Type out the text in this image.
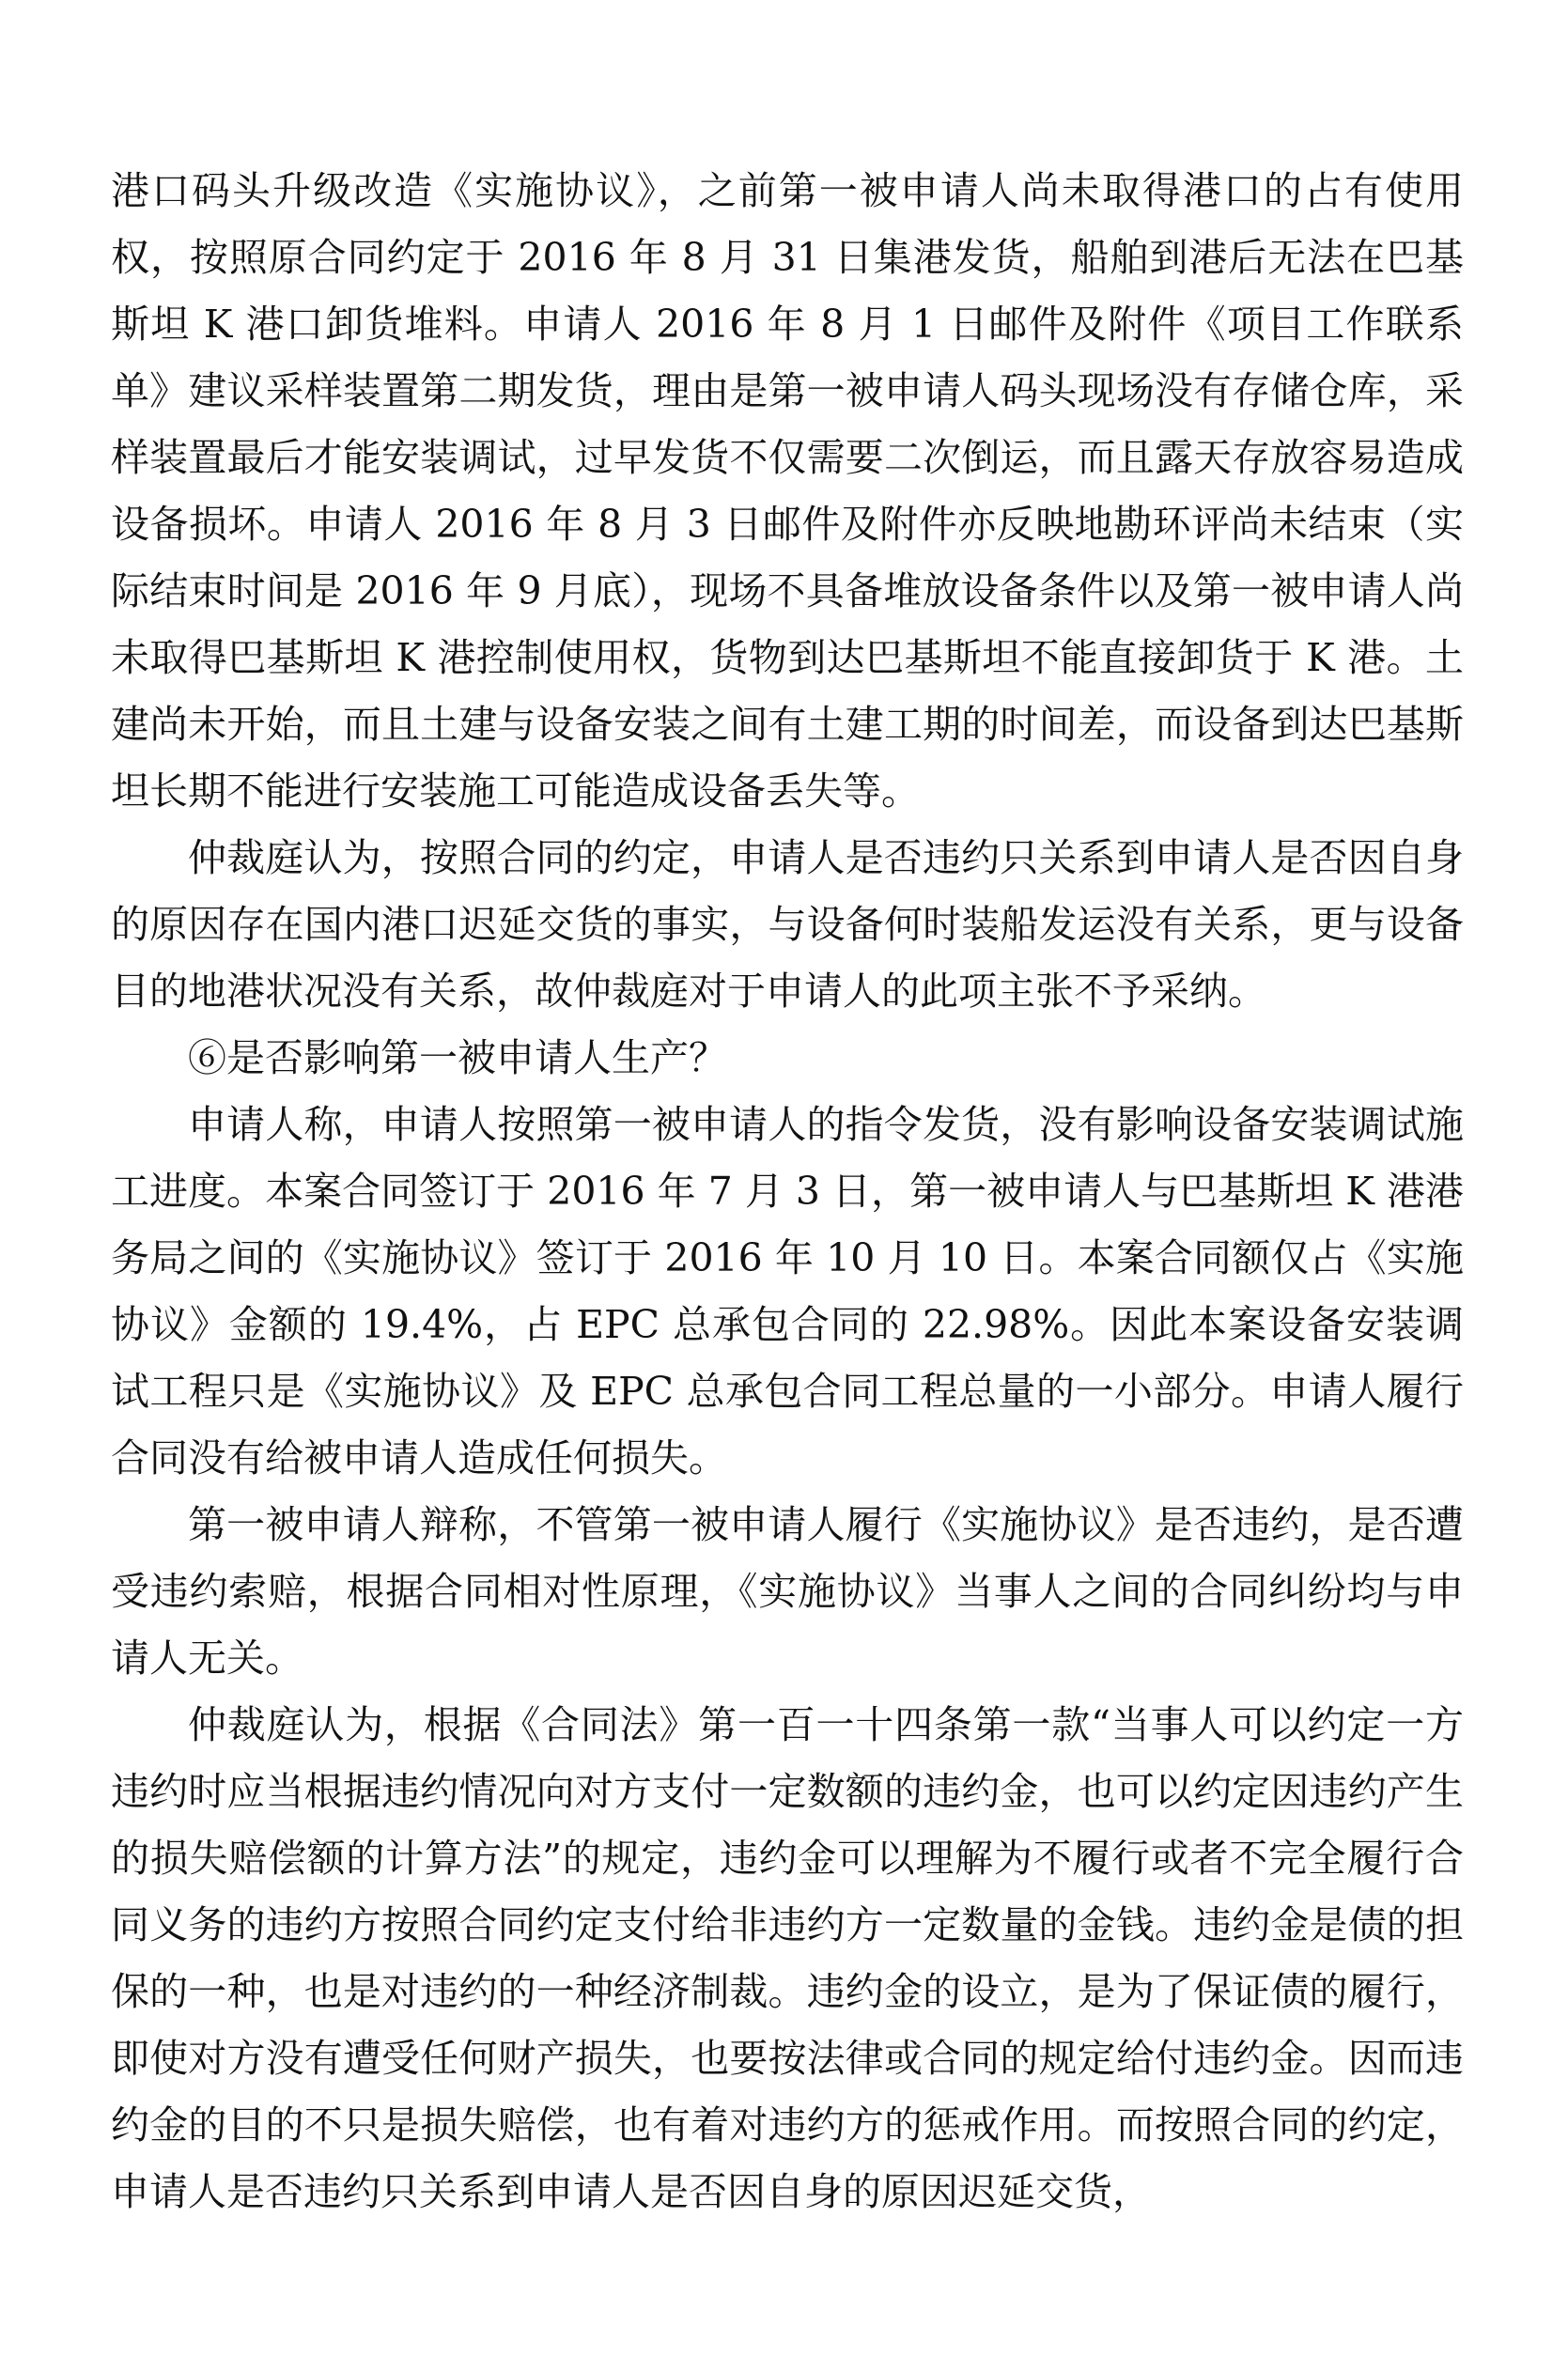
港口码头升级改造《实施协议》，之前第一被申请人尚未取得港口的占有使用权，按照原合同约定于 2016 年 8 月 31 日集港发货，船舶到港后无法在巴基斯坦 K 港口卸货堆料。申请人 2016 年 8 月 1 日邮件及附件《项目工作联系单》建议采样装置第二期发货，理由是第一被申请人码头现场没有存储仓库，采样装置最后才能安装调试，过早发货不仅需要二次倒运，而且露天存放容易造成设备损坏。申请人 2016 年 8 月 3 日邮件及附件亦反映地勘环评尚未结束（实际结束时间是 2016 年 9 月底），现场不具备堆放设备条件以及第一被申请人尚未取得巴基斯坦 K 港控制使用权，货物到达巴基斯坦不能直接卸货于 K 港。土建尚未开始，而且土建与设备安装之间有土建工期的时间差，而设备到达巴基斯坦长期不能进行安装施工可能造成设备丢失等。

仲裁庭认为，按照合同的约定，申请人是否违约只关系到申请人是否因自身的原因存在国内港口迟延交货的事实，与设备何时装船发运没有关系，更与设备目的地港状况没有关系，故仲裁庭对于申请人的此项主张不予采纳。

⑥是否影响第一被申请人生产？

申请人称，申请人按照第一被申请人的指令发货，没有影响设备安装调试施工进度。本案合同签订于 2016 年 7 月 3 日，第一被申请人与巴基斯坦 K 港港务局之间的《实施协议》签订于 2016 年 10 月 10 日。本案合同额仅占《实施协议》金额的 19.4%，占 EPC 总承包合同的 22.98%。因此本案设备安装调试工程只是《实施协议》及 EPC 总承包合同工程总量的一小部分。申请人履行合同没有给被申请人造成任何损失。

第一被申请人辩称，不管第一被申请人履行《实施协议》是否违约，是否遭受违约索赔，根据合同相对性原理，《实施协议》当事人之间的合同纠纷均与申请人无关。

仲裁庭认为，根据《合同法》第一百一十四条第一款“当事人可以约定一方违约时应当根据违约情况向对方支付一定数额的违约金，也可以约定因违约产生的损失赔偿额的计算方法”的规定，违约金可以理解为不履行或者不完全履行合同义务的违约方按照合同约定支付给非违约方一定数量的金钱。违约金是债的担保的一种，也是对违约的一种经济制裁。违约金的设立，是为了保证债的履行，即使对方没有遭受任何财产损失，也要按法律或合同的规定给付违约金。因而违约金的目的不只是损失赔偿，也有着对违约方的惩戒作用。而按照合同的约定，申请人是否违约只关系到申请人是否因自身的原因迟延交货，
